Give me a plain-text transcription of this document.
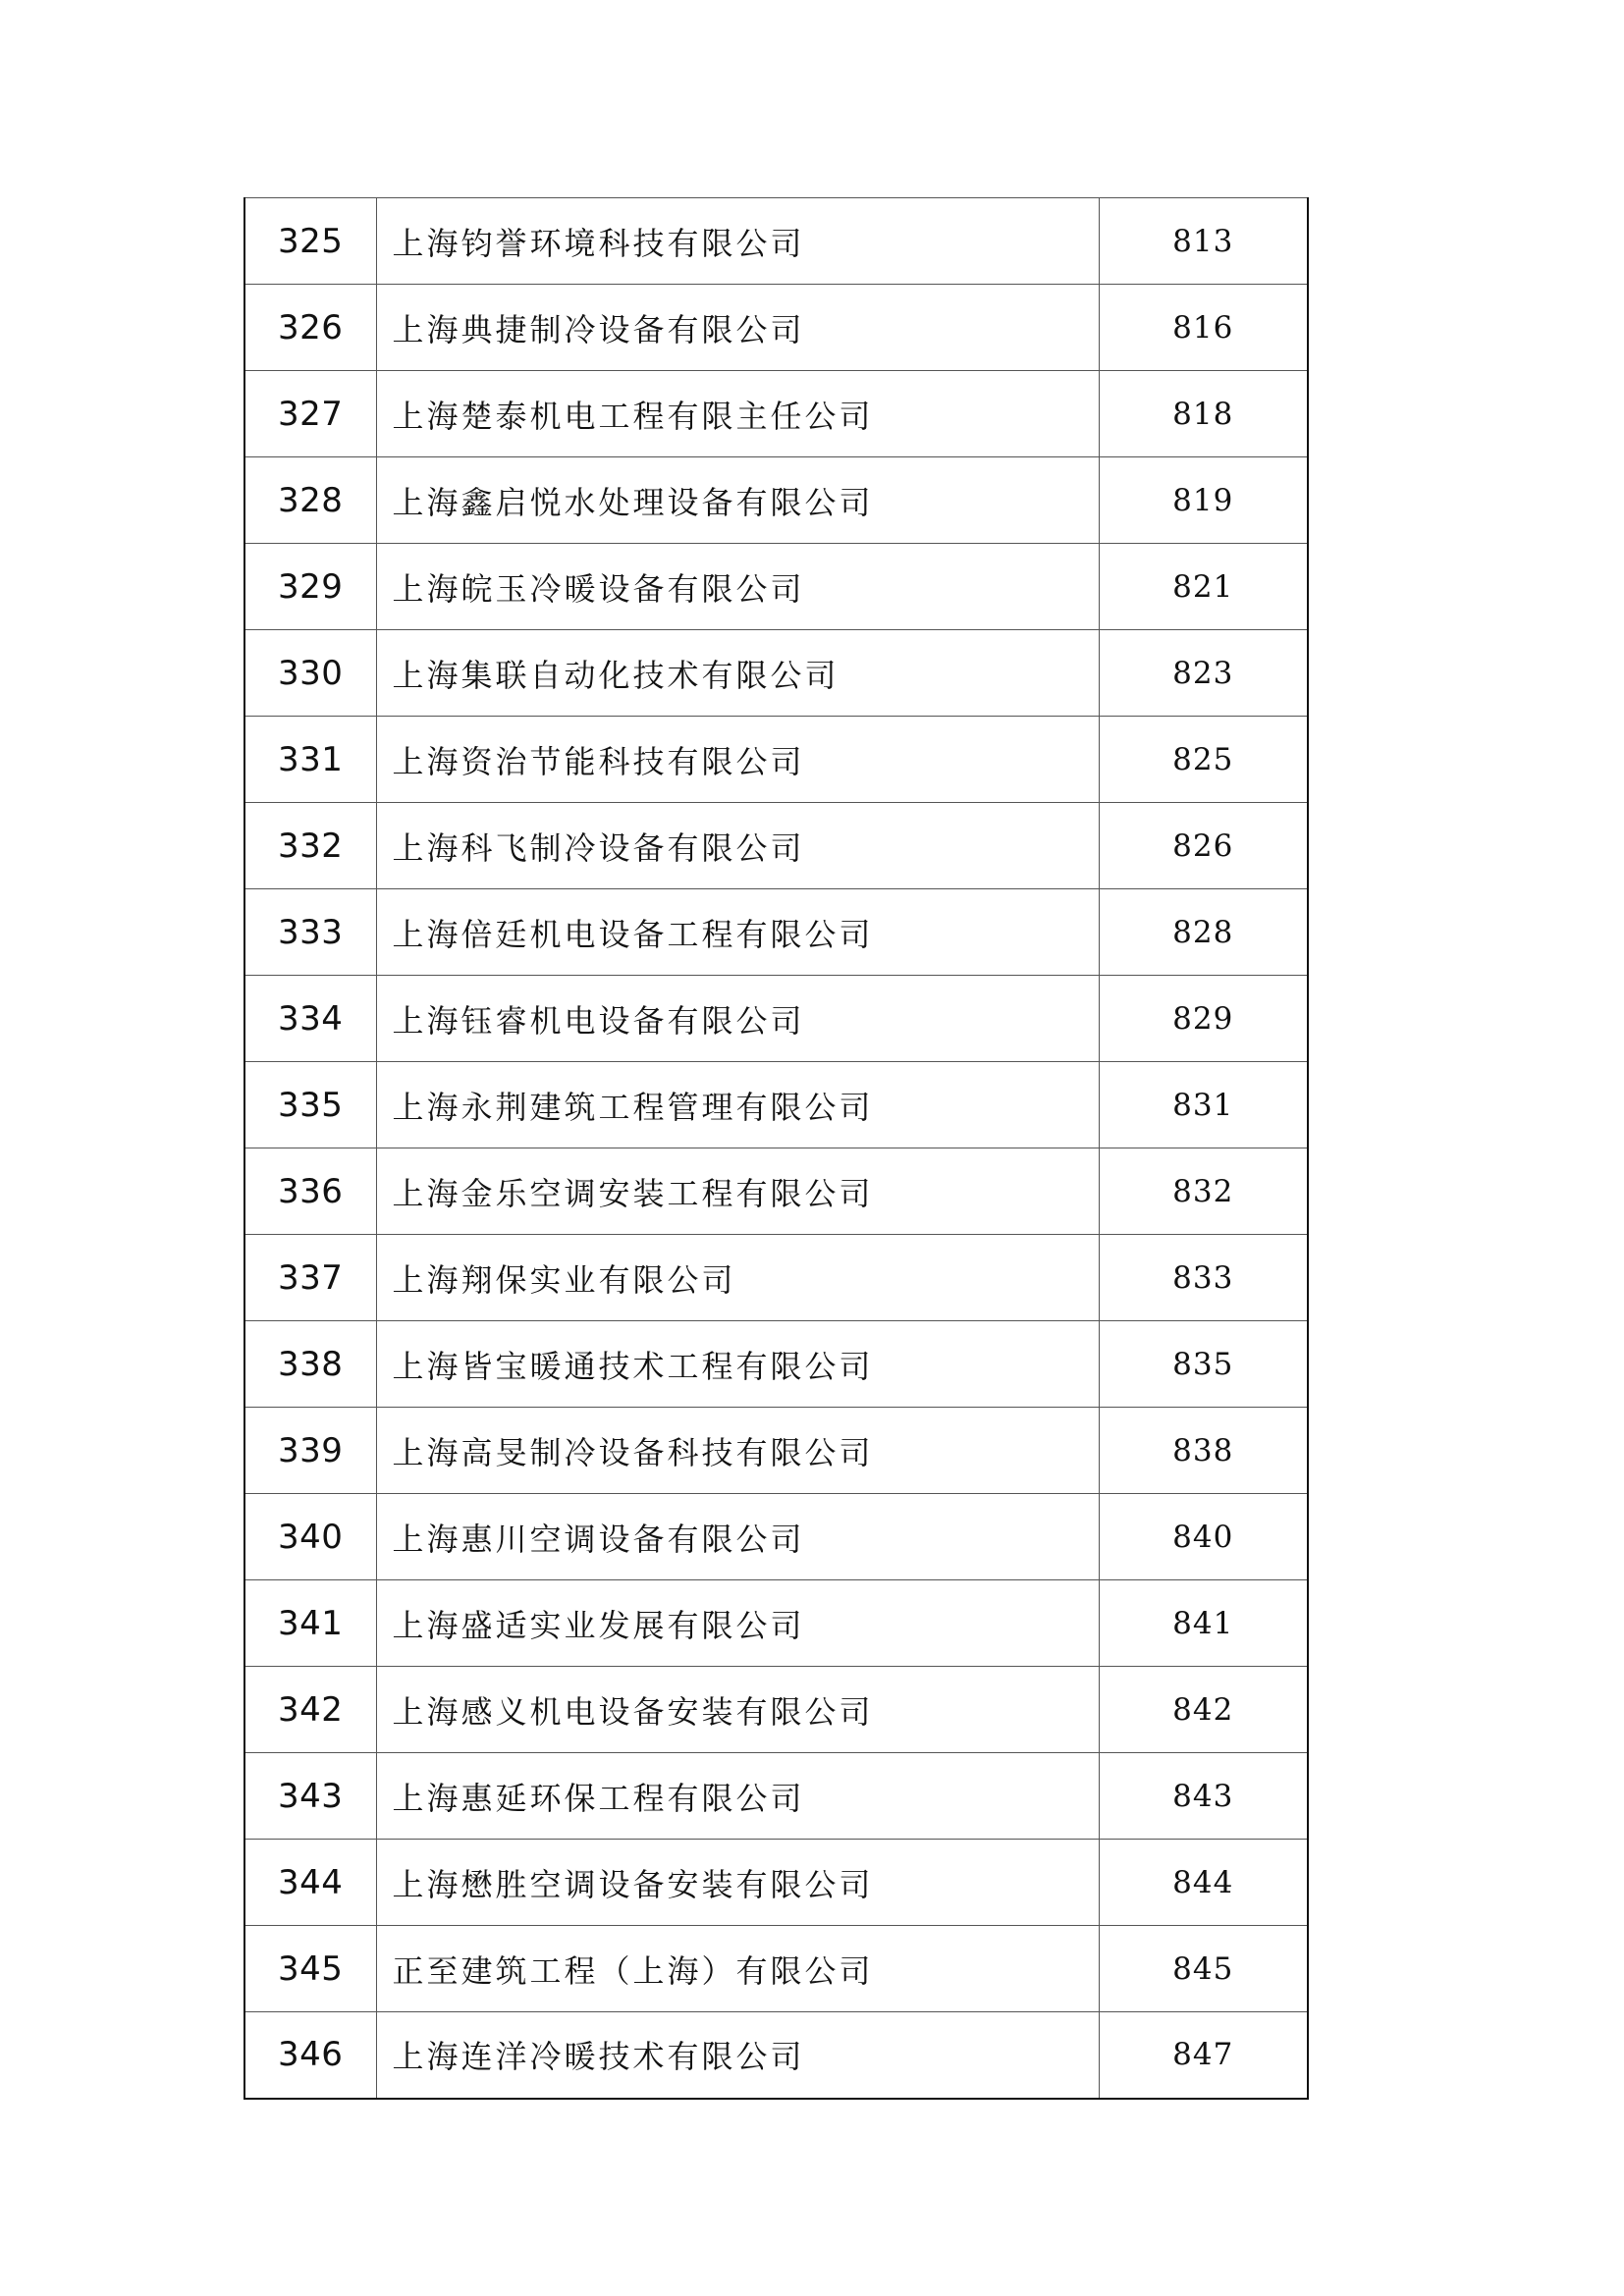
325	上海钧誉环境科技有限公司	813
326	上海典捷制冷设备有限公司	816
327	上海楚泰机电工程有限主任公司	818
328	上海鑫启悦水处理设备有限公司	819
329	上海皖玉冷暖设备有限公司	821
330	上海集联自动化技术有限公司	823
331	上海资治节能科技有限公司	825
332	上海科飞制冷设备有限公司	826
333	上海倍廷机电设备工程有限公司	828
334	上海钰睿机电设备有限公司	829
335	上海永荆建筑工程管理有限公司	831
336	上海金乐空调安装工程有限公司	832
337	上海翔保实业有限公司	833
338	上海皆宝暖通技术工程有限公司	835
339	上海高旻制冷设备科技有限公司	838
340	上海惠川空调设备有限公司	840
341	上海盛适实业发展有限公司	841
342	上海感义机电设备安装有限公司	842
343	上海惠延环保工程有限公司	843
344	上海懋胜空调设备安装有限公司	844
345	正至建筑工程（上海）有限公司	845
346	上海连洋冷暖技术有限公司	847
